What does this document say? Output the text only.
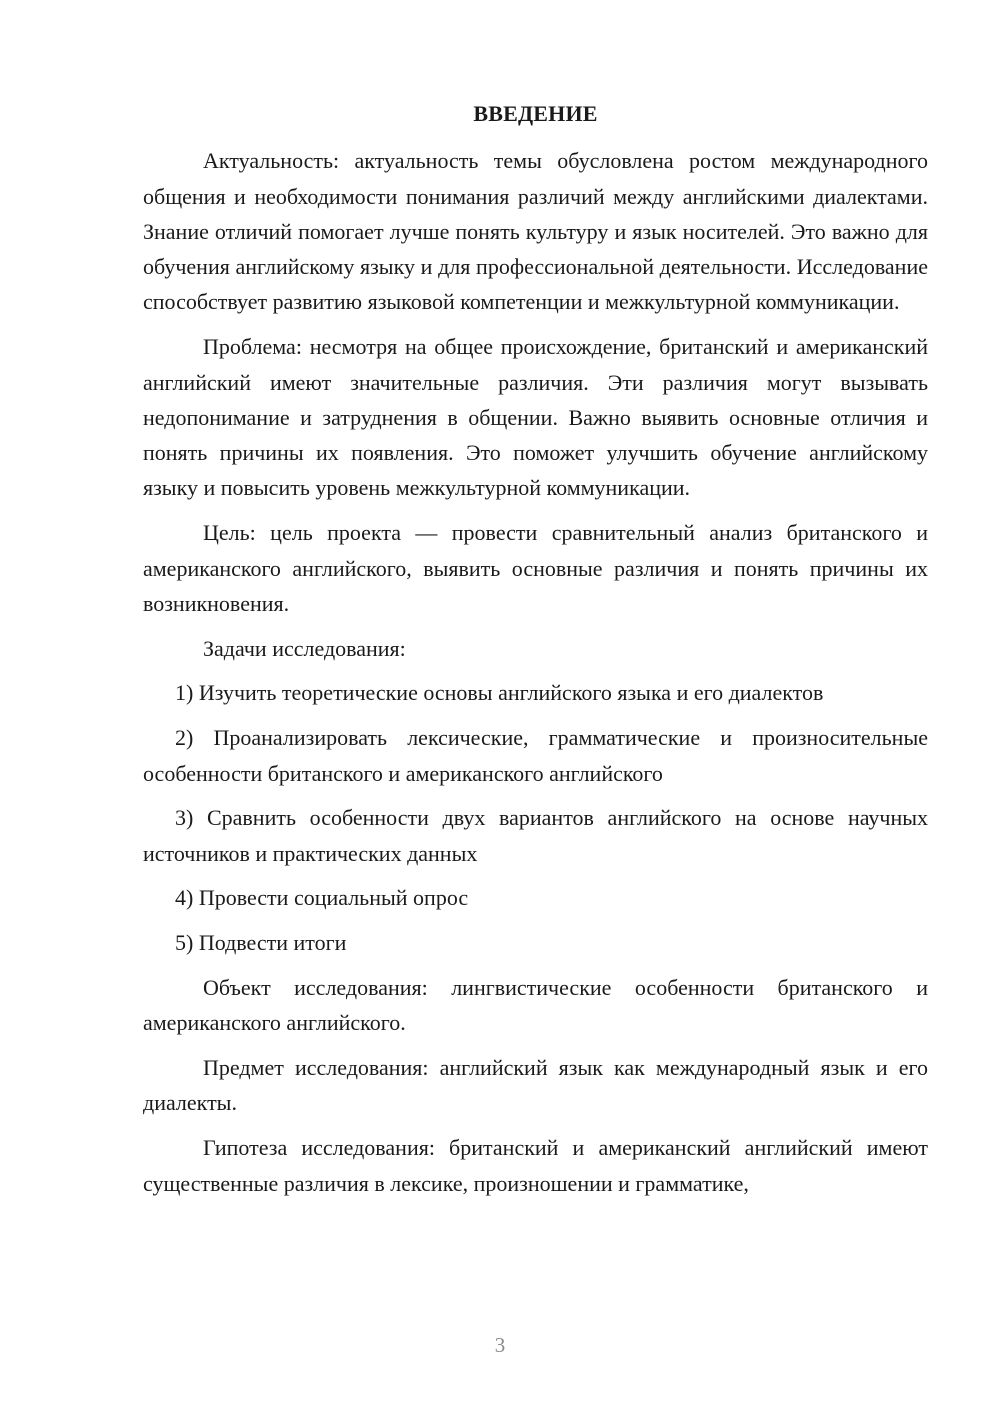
ВВЕДЕНИЕ

Актуальность: актуальность темы обусловлена ростом международного общения и необходимости понимания различий между английскими диалектами. Знание отличий помогает лучше понять культуру и язык носителей. Это важно для обучения английскому языку и для профессиональной деятельности. Исследование способствует развитию языковой компетенции и межкультурной коммуникации.

Проблема: несмотря на общее происхождение, британский и американский английский имеют значительные различия. Эти различия могут вызывать недопонимание и затруднения в общении. Важно выявить основные отличия и понять причины их появления. Это поможет улучшить обучение английскому языку и повысить уровень межкультурной коммуникации.

Цель: цель проекта — провести сравнительный анализ британского и американского английского, выявить основные различия и понять причины их возникновения.

Задачи исследования:

1) Изучить теоретические основы английского языка и его диалектов

2) Проанализировать лексические, грамматические и произносительные особенности британского и американского английского

3) Сравнить особенности двух вариантов английского на основе научных источников и практических данных

4) Провести социальный опрос

5) Подвести итоги

Объект исследования: лингвистические особенности британского и американского английского.

Предмет исследования: английский язык как международный язык и его диалекты.

Гипотеза исследования: британский и американский английский имеют существенные различия в лексике, произношении и грамматике,

3
